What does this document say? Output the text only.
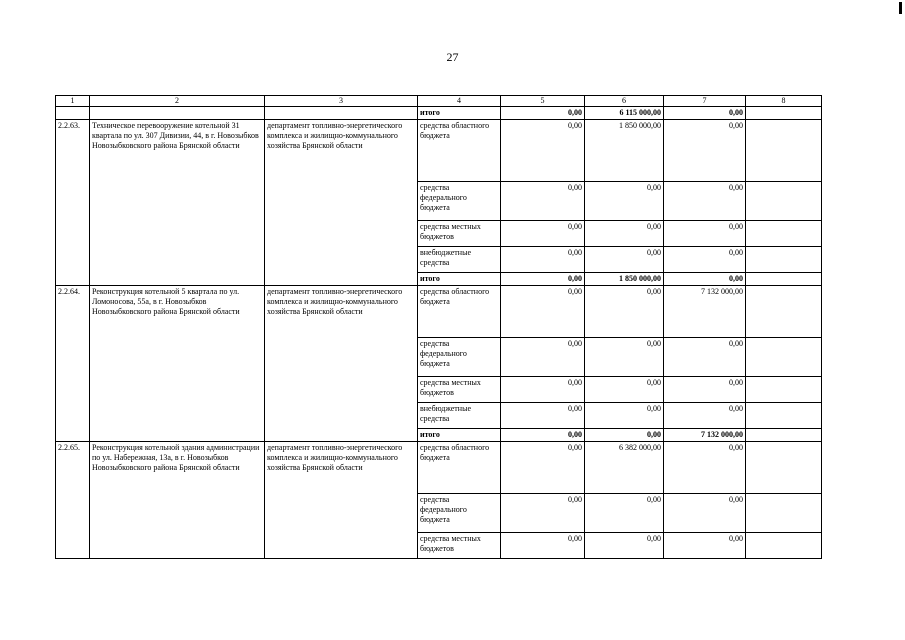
27
1	2	3	4	5	6	7	8
			итого	0,00	6 115 000,00	0,00	
2.2.63.	Техническое перевооружение котельной 31 квартала по ул. 307 Дивизии, 44, в г. Новозыбков Новозыбковского района Брянской области	департамент топливно-энергетического комплекса и жилищно-коммунального хозяйства Брянской области	средства областного бюджета	0,00	1 850 000,00	0,00	
			средства федерального бюджета	0,00	0,00	0,00	
			средства местных бюджетов	0,00	0,00	0,00	
			внебюджетные средства	0,00	0,00	0,00	
			итого	0,00	1 850 000,00	0,00	
2.2.64.	Реконструкция котельной 5 квартала по ул. Ломоносова, 55а, в г. Новозыбков Новозыбковского района Брянской области	департамент топливно-энергетического комплекса и жилищно-коммунального хозяйства Брянской области	средства областного бюджета	0,00	0,00	7 132 000,00	
			средства федерального бюджета	0,00	0,00	0,00	
			средства местных бюджетов	0,00	0,00	0,00	
			внебюджетные средства	0,00	0,00	0,00	
			итого	0,00	0,00	7 132 000,00	
2.2.65.	Реконструкция котельной здания администрации по ул. Набережная, 13а, в г. Новозыбков Новозыбковского района Брянской области	департамент топливно-энергетического комплекса и жилищно-коммунального хозяйства Брянской области	средства областного бюджета	0,00	6 382 000,00	0,00	
			средства федерального бюджета	0,00	0,00	0,00	
			средства местных бюджетов	0,00	0,00	0,00	
